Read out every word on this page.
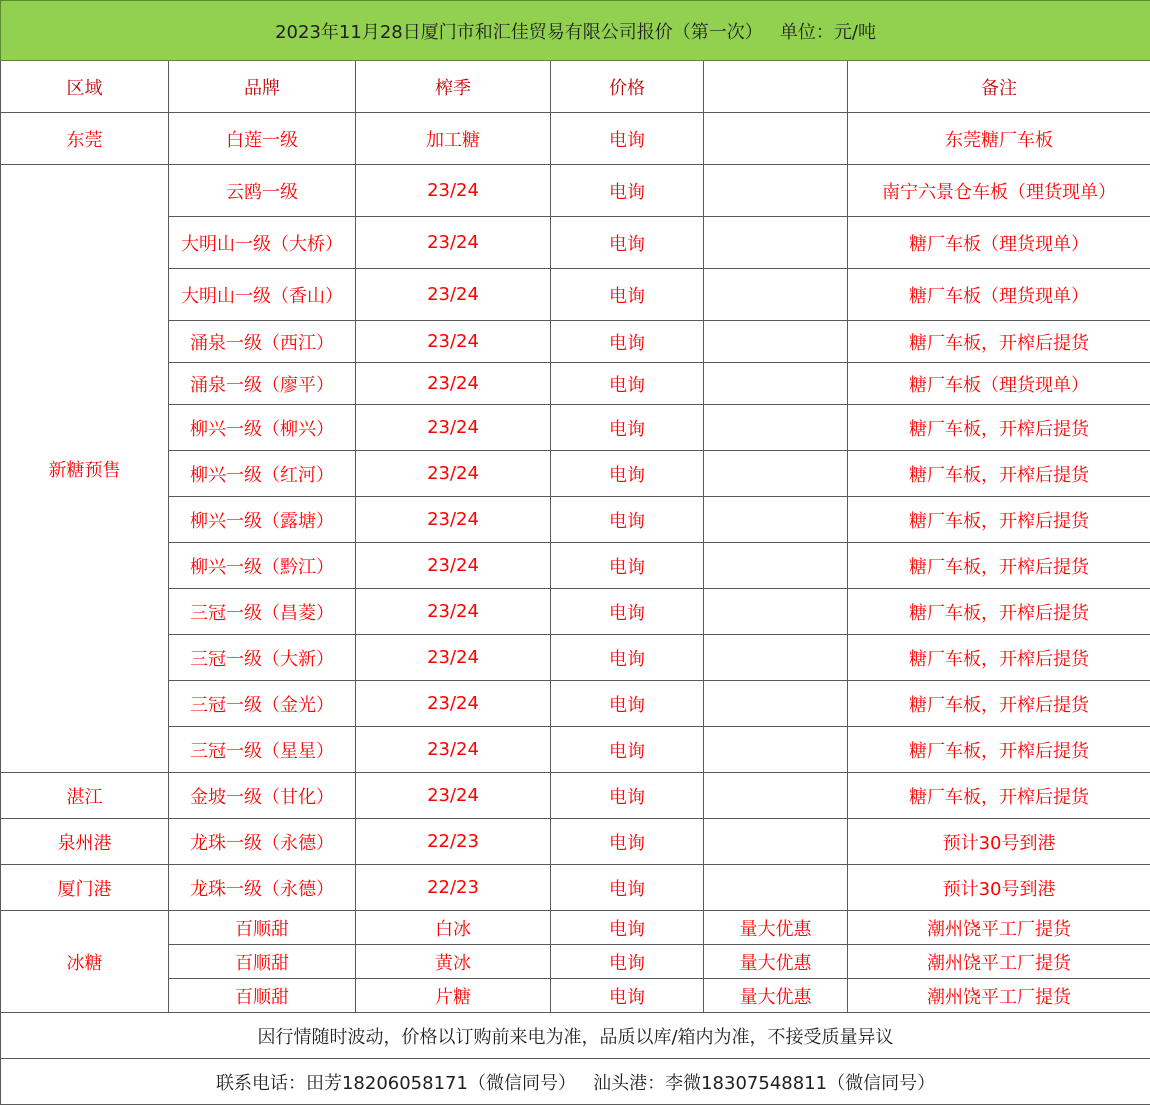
2023年11月28日厦门市和汇佳贸易有限公司报价（第一次）   单位：元/吨					
区域	品牌	榨季	价格		备注
东莞	白莲一级	加工糖	电询		东莞糖厂车板
新糖预售	云鸥一级	23/24	电询		南宁六景仓车板（理货现单）
	大明山一级（大桥）	23/24	电询		糖厂车板（理货现单）
	大明山一级（香山）	23/24	电询		糖厂车板（理货现单）
	涌泉一级（西江）	23/24	电询		糖厂车板，开榨后提货
	涌泉一级（廖平）	23/24	电询		糖厂车板（理货现单）
	柳兴一级（柳兴）	23/24	电询		糖厂车板，开榨后提货
	柳兴一级（红河）	23/24	电询		糖厂车板，开榨后提货
	柳兴一级（露塘）	23/24	电询		糖厂车板，开榨后提货
	柳兴一级（黔江）	23/24	电询		糖厂车板，开榨后提货
	三冠一级（昌菱）	23/24	电询		糖厂车板，开榨后提货
	三冠一级（大新）	23/24	电询		糖厂车板，开榨后提货
	三冠一级（金光）	23/24	电询		糖厂车板，开榨后提货
	三冠一级（星星）	23/24	电询		糖厂车板，开榨后提货
湛江	金坡一级（甘化）	23/24	电询		糖厂车板，开榨后提货
泉州港	龙珠一级（永德）	22/23	电询		预计30号到港
厦门港	龙珠一级（永德）	22/23	电询		预计30号到港
冰糖	百顺甜	白冰	电询	量大优惠	潮州饶平工厂提货
	百顺甜	黄冰	电询	量大优惠	潮州饶平工厂提货
	百顺甜	片糖	电询	量大优惠	潮州饶平工厂提货
因行情随时波动，价格以订购前来电为准，品质以库/箱内为准，不接受质量异议					
联系电话：田芳18206058171（微信同号）   汕头港：李微18307548811（微信同号）					
